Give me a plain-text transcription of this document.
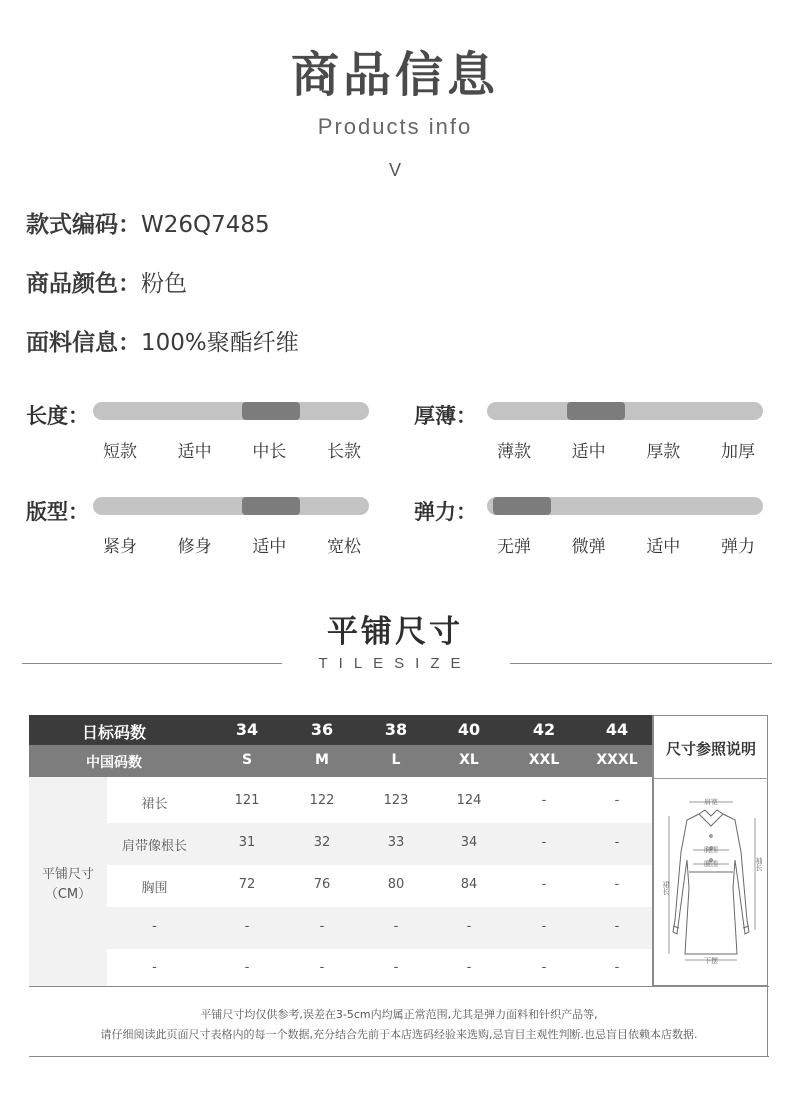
商品信息
Products info
V
款式编码：W26Q7485
商品颜色：粉色
面料信息：100%聚酯纤维
长度：
短款	适中	中长	长款
厚薄：
薄款	适中	厚款	加厚
版型：
紧身	修身	适中	宽松
弹力：
无弹	微弹	适中	弹力
平铺尺寸
TILESIZE
日标码数	34	36	38	40	42	44
中国码数	S	M	L	XL	XXL	XXXL
平铺尺寸
（CM）
裙长	121	122	123	124	-	-
肩带像根长	31	32	33	34	-	-
胸围	72	76	80	84	-	-
-	-	-	-	-	-	-
-	-	-	-	-	-	-
尺寸参照说明
肩宽
胸围
腰围
裙长
袖长
下摆
平铺尺寸均仅供参考,误差在3-5cm内均属正常范围,尤其是弹力面料和针织产品等,
请仔细阅读此页面尺寸表格内的每一个数据,充分结合先前于本店选码经验来选购,忌盲目主观性判断.也忌盲目依赖本店数据.
